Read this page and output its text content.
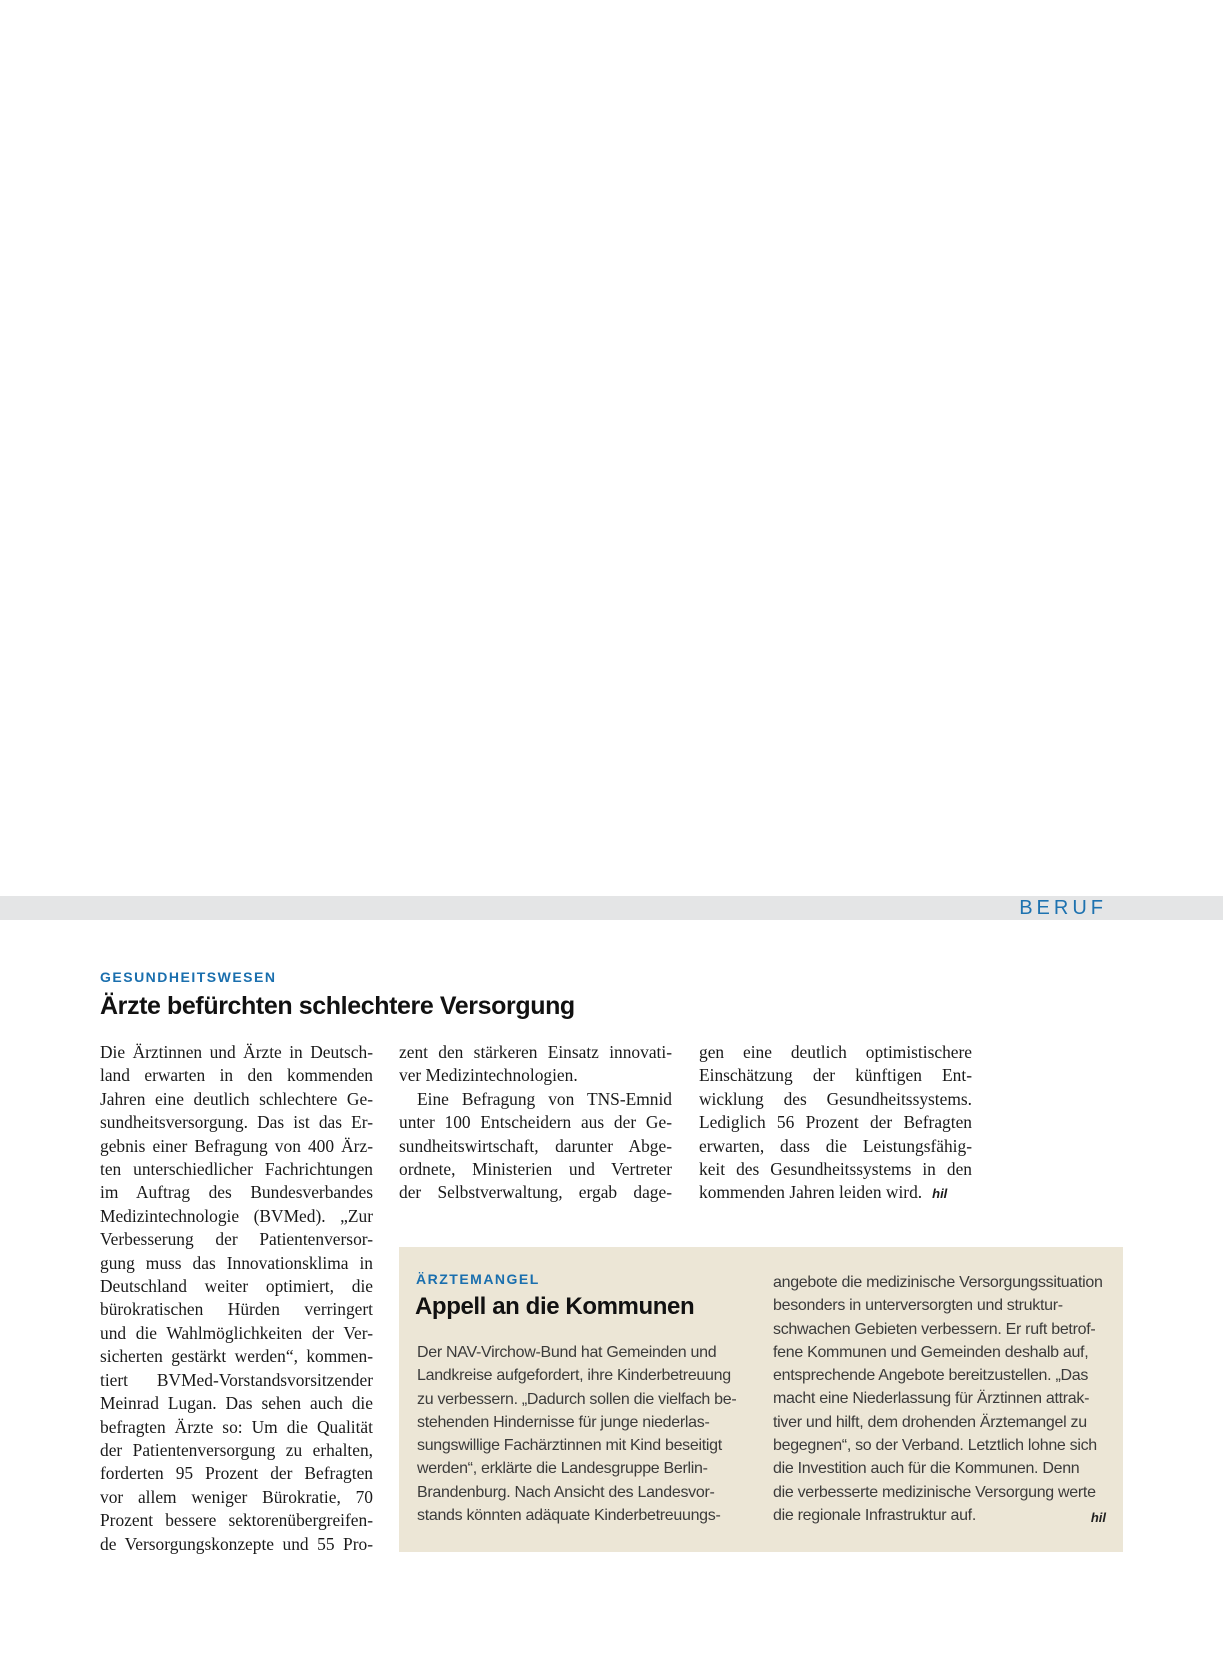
BERUF
GESUNDHEITSWESEN
Ärzte befürchten schlechtere Versorgung
Die Ärztinnen und Ärzte in Deutsch-
land erwarten in den kommenden
Jahren eine deutlich schlechtere Ge-
sundheitsversorgung. Das ist das Er-
gebnis einer Befragung von 400 Ärz-
ten unterschiedlicher Fachrichtungen
im Auftrag des Bundesverbandes
Medizintechnologie (BVMed). „Zur
Verbesserung der Patientenversor-
gung muss das Innovationsklima in
Deutschland weiter optimiert, die
bürokratischen Hürden verringert
und die Wahlmöglichkeiten der Ver-
sicherten gestärkt werden“, kommen-
tiert BVMed-Vorstandsvorsitzender
Meinrad Lugan. Das sehen auch die
befragten Ärzte so: Um die Qualität
der Patientenversorgung zu erhalten,
forderten 95 Prozent der Befragten
vor allem weniger Bürokratie, 70
Prozent bessere sektorenübergreifen-
de Versorgungskonzepte und 55 Pro-
zent den stärkeren Einsatz innovati-
ver Medizintechnologien.
Eine Befragung von TNS-Emnid
unter 100 Entscheidern aus der Ge-
sundheitswirtschaft, darunter Abge-
ordnete, Ministerien und Vertreter
der Selbstverwaltung, ergab dage-
gen eine deutlich optimistischere
Einschätzung der künftigen Ent-
wicklung des Gesundheitssystems.
Lediglich 56 Prozent der Befragten
erwarten, dass die Leistungsfähig-
keit des Gesundheitssystems in den
kommenden Jahren leiden wird. hil
ÄRZTEMANGEL
Appell an die Kommunen
Der NAV-Virchow-Bund hat Gemeinden und
Landkreise aufgefordert, ihre Kinderbetreuung
zu verbessern. „Dadurch sollen die vielfach be-
stehenden Hindernisse für junge niederlas-
sungswillige Fachärztinnen mit Kind beseitigt
werden“, erklärte die Landesgruppe Berlin-
Brandenburg. Nach Ansicht des Landesvor-
stands könnten adäquate Kinderbetreuungs-
angebote die medizinische Versorgungssituation
besonders in unterversorgten und struktur-
schwachen Gebieten verbessern. Er ruft betrof-
fene Kommunen und Gemeinden deshalb auf,
entsprechende Angebote bereitzustellen. „Das
macht eine Niederlassung für Ärztinnen attrak-
tiver und hilft, dem drohenden Ärztemangel zu
begegnen“, so der Verband. Letztlich lohne sich
die Investition auch für die Kommunen. Denn
die verbesserte medizinische Versorgung werte
die regionale Infrastruktur auf.	hil
